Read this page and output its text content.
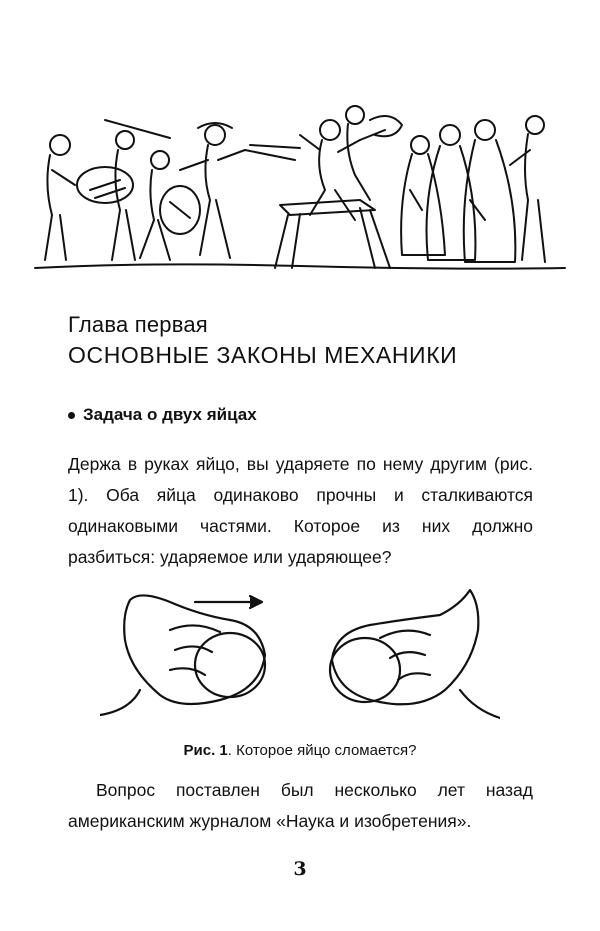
Глава первая
ОСНОВНЫЕ ЗАКОНЫ МЕХАНИКИ
Задача о двух яйцах
Держа в руках яйцо, вы ударяете по нему другим (рис. 1). Оба яйца одинаково прочны и сталкиваются одинаковыми частями. Которое из них должно разбиться: ударяемое или ударяющее?
Рис. 1. Которое яйцо сломается?
Вопрос поставлен был несколько лет назад американским журналом «Наука и изобретения».
3
